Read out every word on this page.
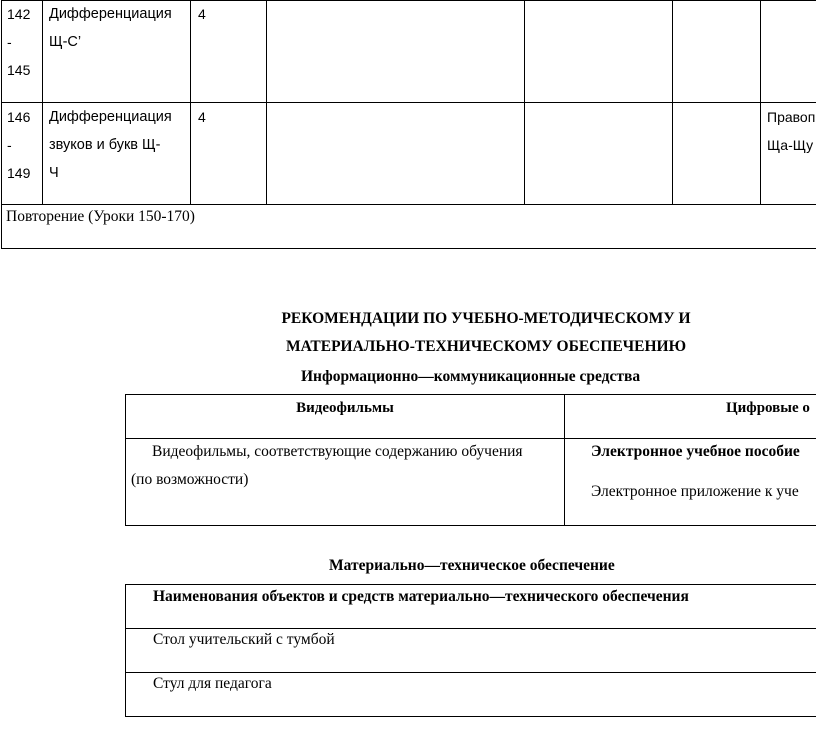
142
-
145
Дифференциация
Щ-С’
4
146
-
149
Дифференциация
звуков и букв Щ-
Ч
4	Правоп
Ща-Щу
Повторение (Уроки 150-170)
РЕКОМЕНДАЦИИ ПО УЧЕБНО-МЕТОДИЧЕСКОМУ И
МАТЕРИАЛЬНО-ТЕХНИЧЕСКОМУ ОБЕСПЕЧЕНИЮ
Информационно—коммуникационные средства
Видеофильмы	Цифровые о
Видеофильмы, соответствующие содержанию обучения
(по возможности)
Электронное учебное пособие
Электронное приложение к уче
Материально—техническое обеспечение
Наименования объектов и средств материально—технического обеспечения
Стол учительский с тумбой
Стул для педагога
